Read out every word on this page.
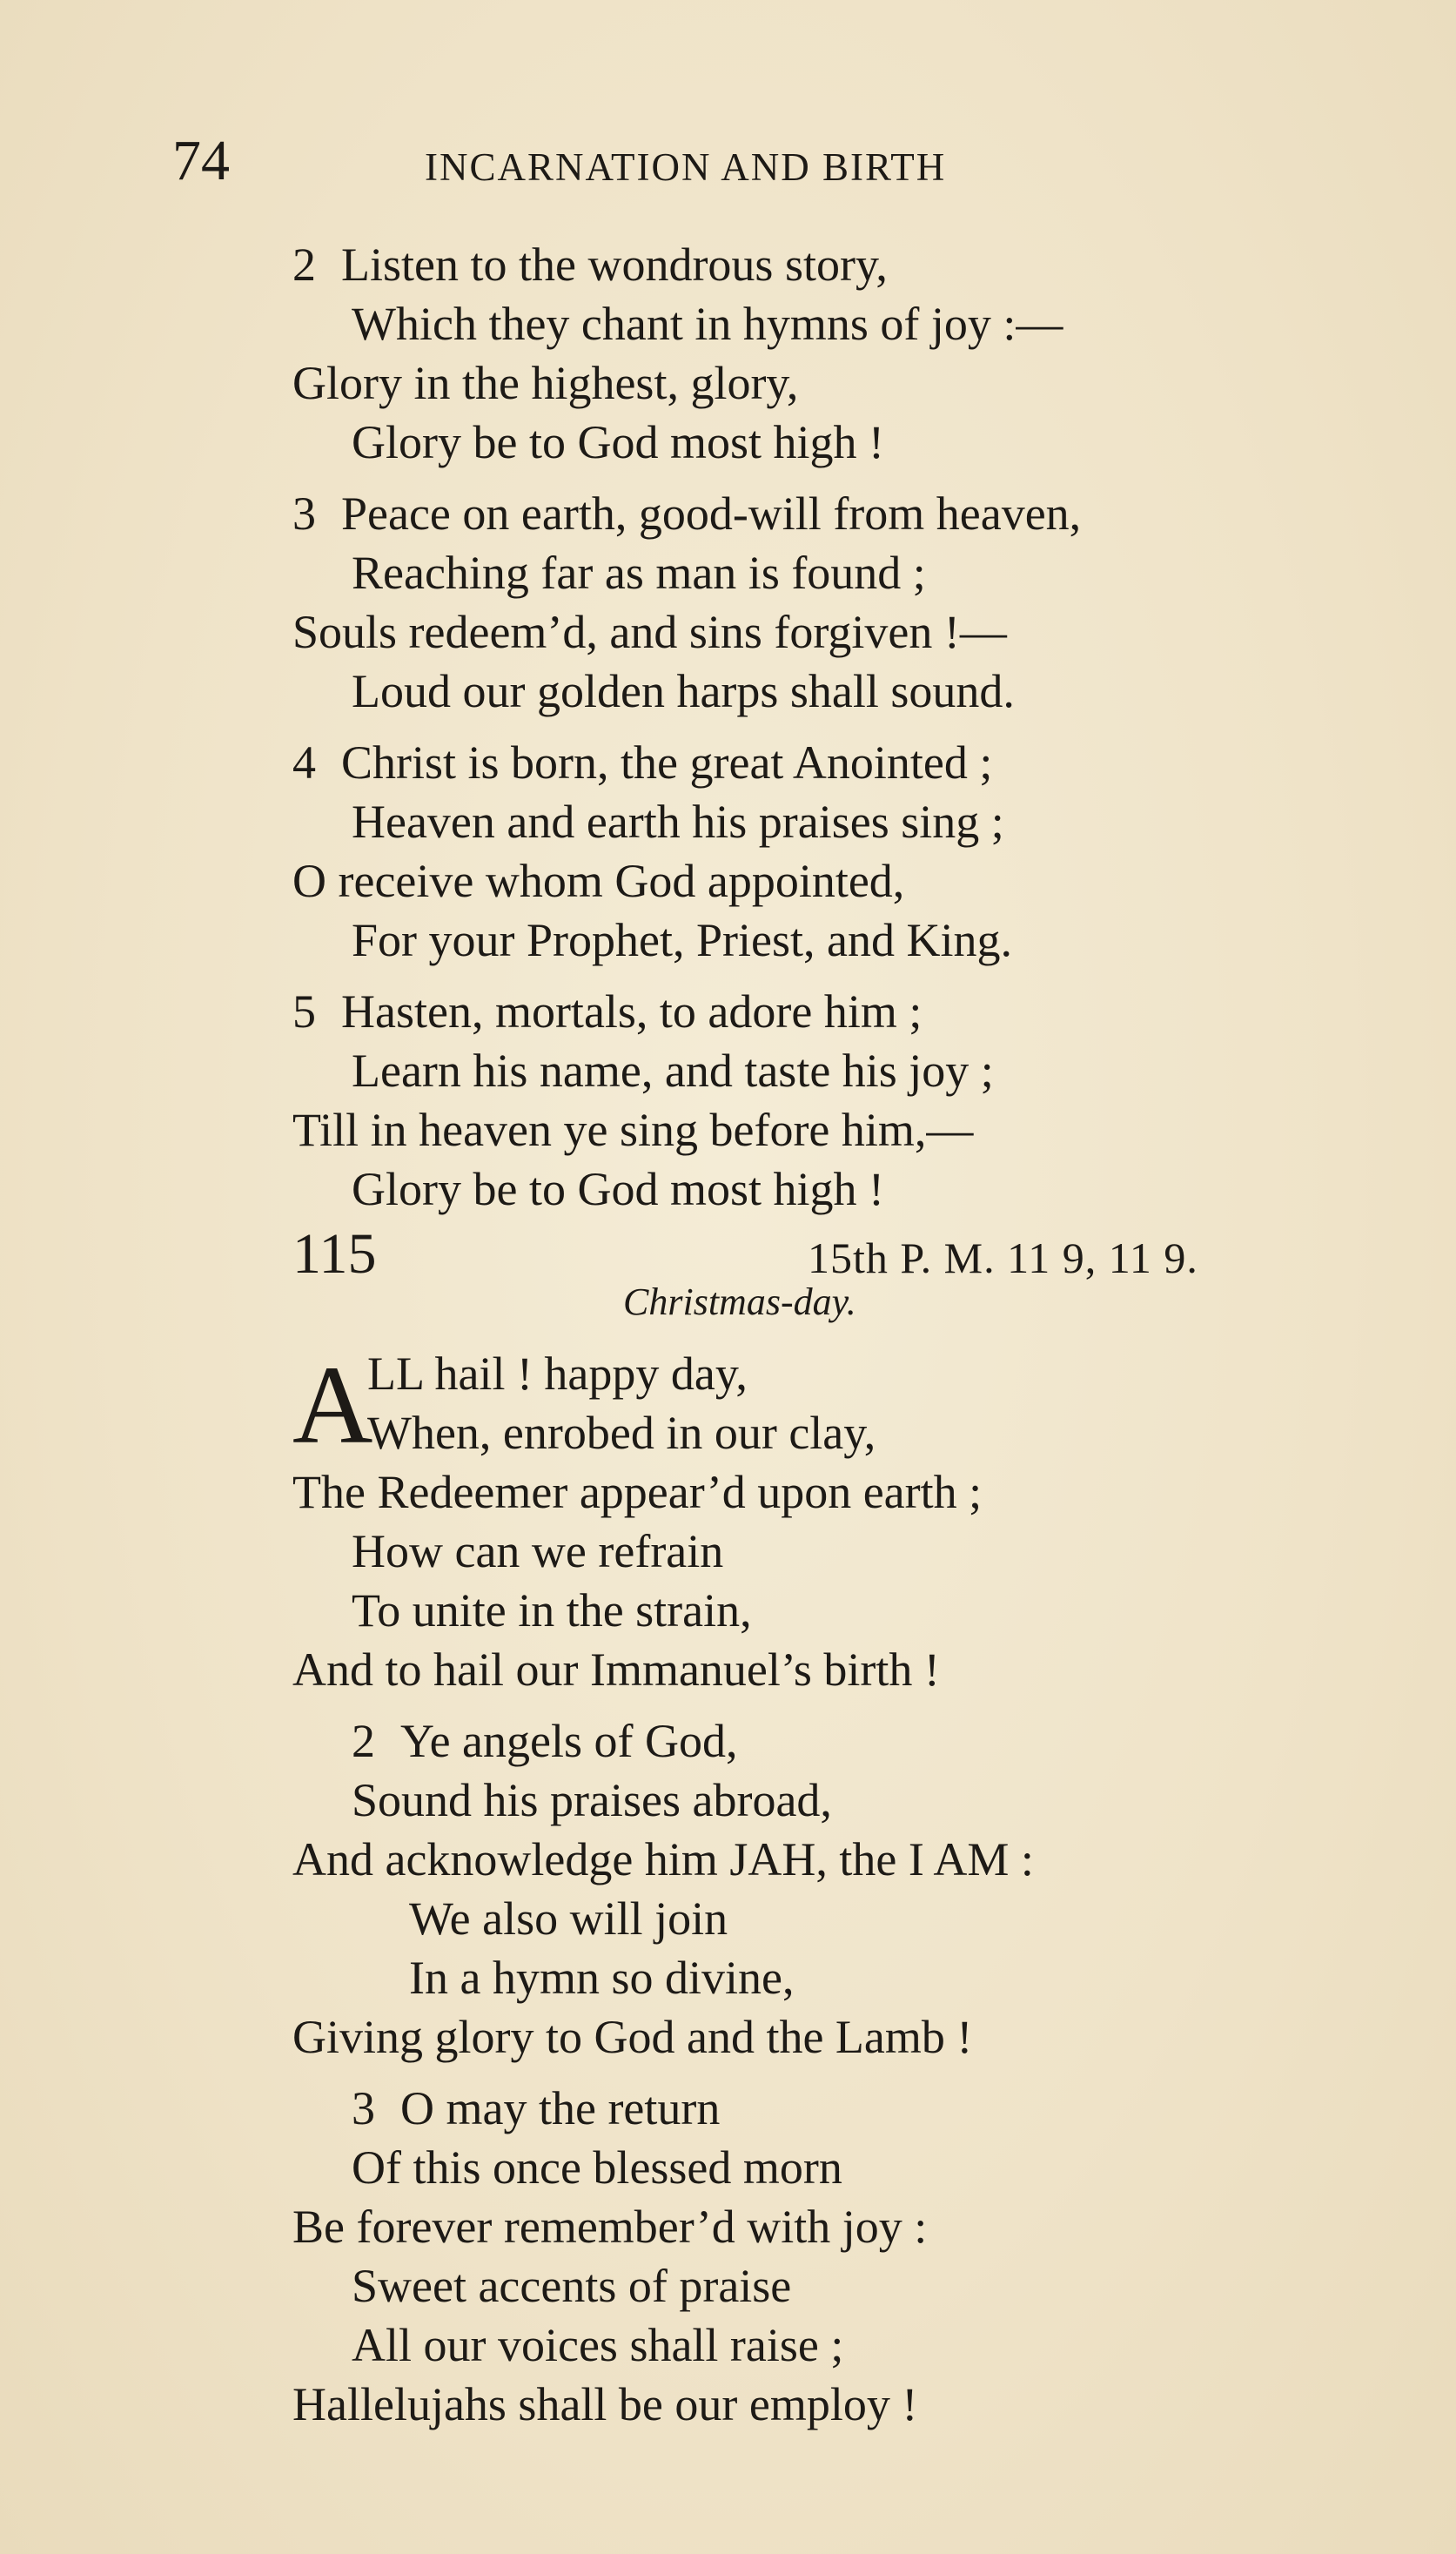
74	INCARNATION AND BIRTH
2 Listen to the wondrous story,
Which they chant in hymns of joy :—
Glory in the highest, glory,
Glory be to God most high !
3 Peace on earth, good-will from heaven,
Reaching far as man is found ;
Souls redeem’d, and sins forgiven !—
Loud our golden harps shall sound.
4 Christ is born, the great Anointed ;
Heaven and earth his praises sing ;
O receive whom God appointed,
For your Prophet, Priest, and King.
5 Hasten, mortals, to adore him ;
Learn his name, and taste his joy ;
Till in heaven ye sing before him,—
Glory be to God most high !
115	15th P. M. 11 9, 11 9.
Christmas-day.
A
LL hail ! happy day,
When, enrobed in our clay,
The Redeemer appear’d upon earth ;
How can we refrain
To unite in the strain,
And to hail our Immanuel’s birth !
2 Ye angels of God,
Sound his praises abroad,
And acknowledge him JAH, the I AM :
We also will join
In a hymn so divine,
Giving glory to God and the Lamb !
3 O may the return
Of this once blessed morn
Be forever remember’d with joy :
Sweet accents of praise
All our voices shall raise ;
Hallelujahs shall be our employ !
